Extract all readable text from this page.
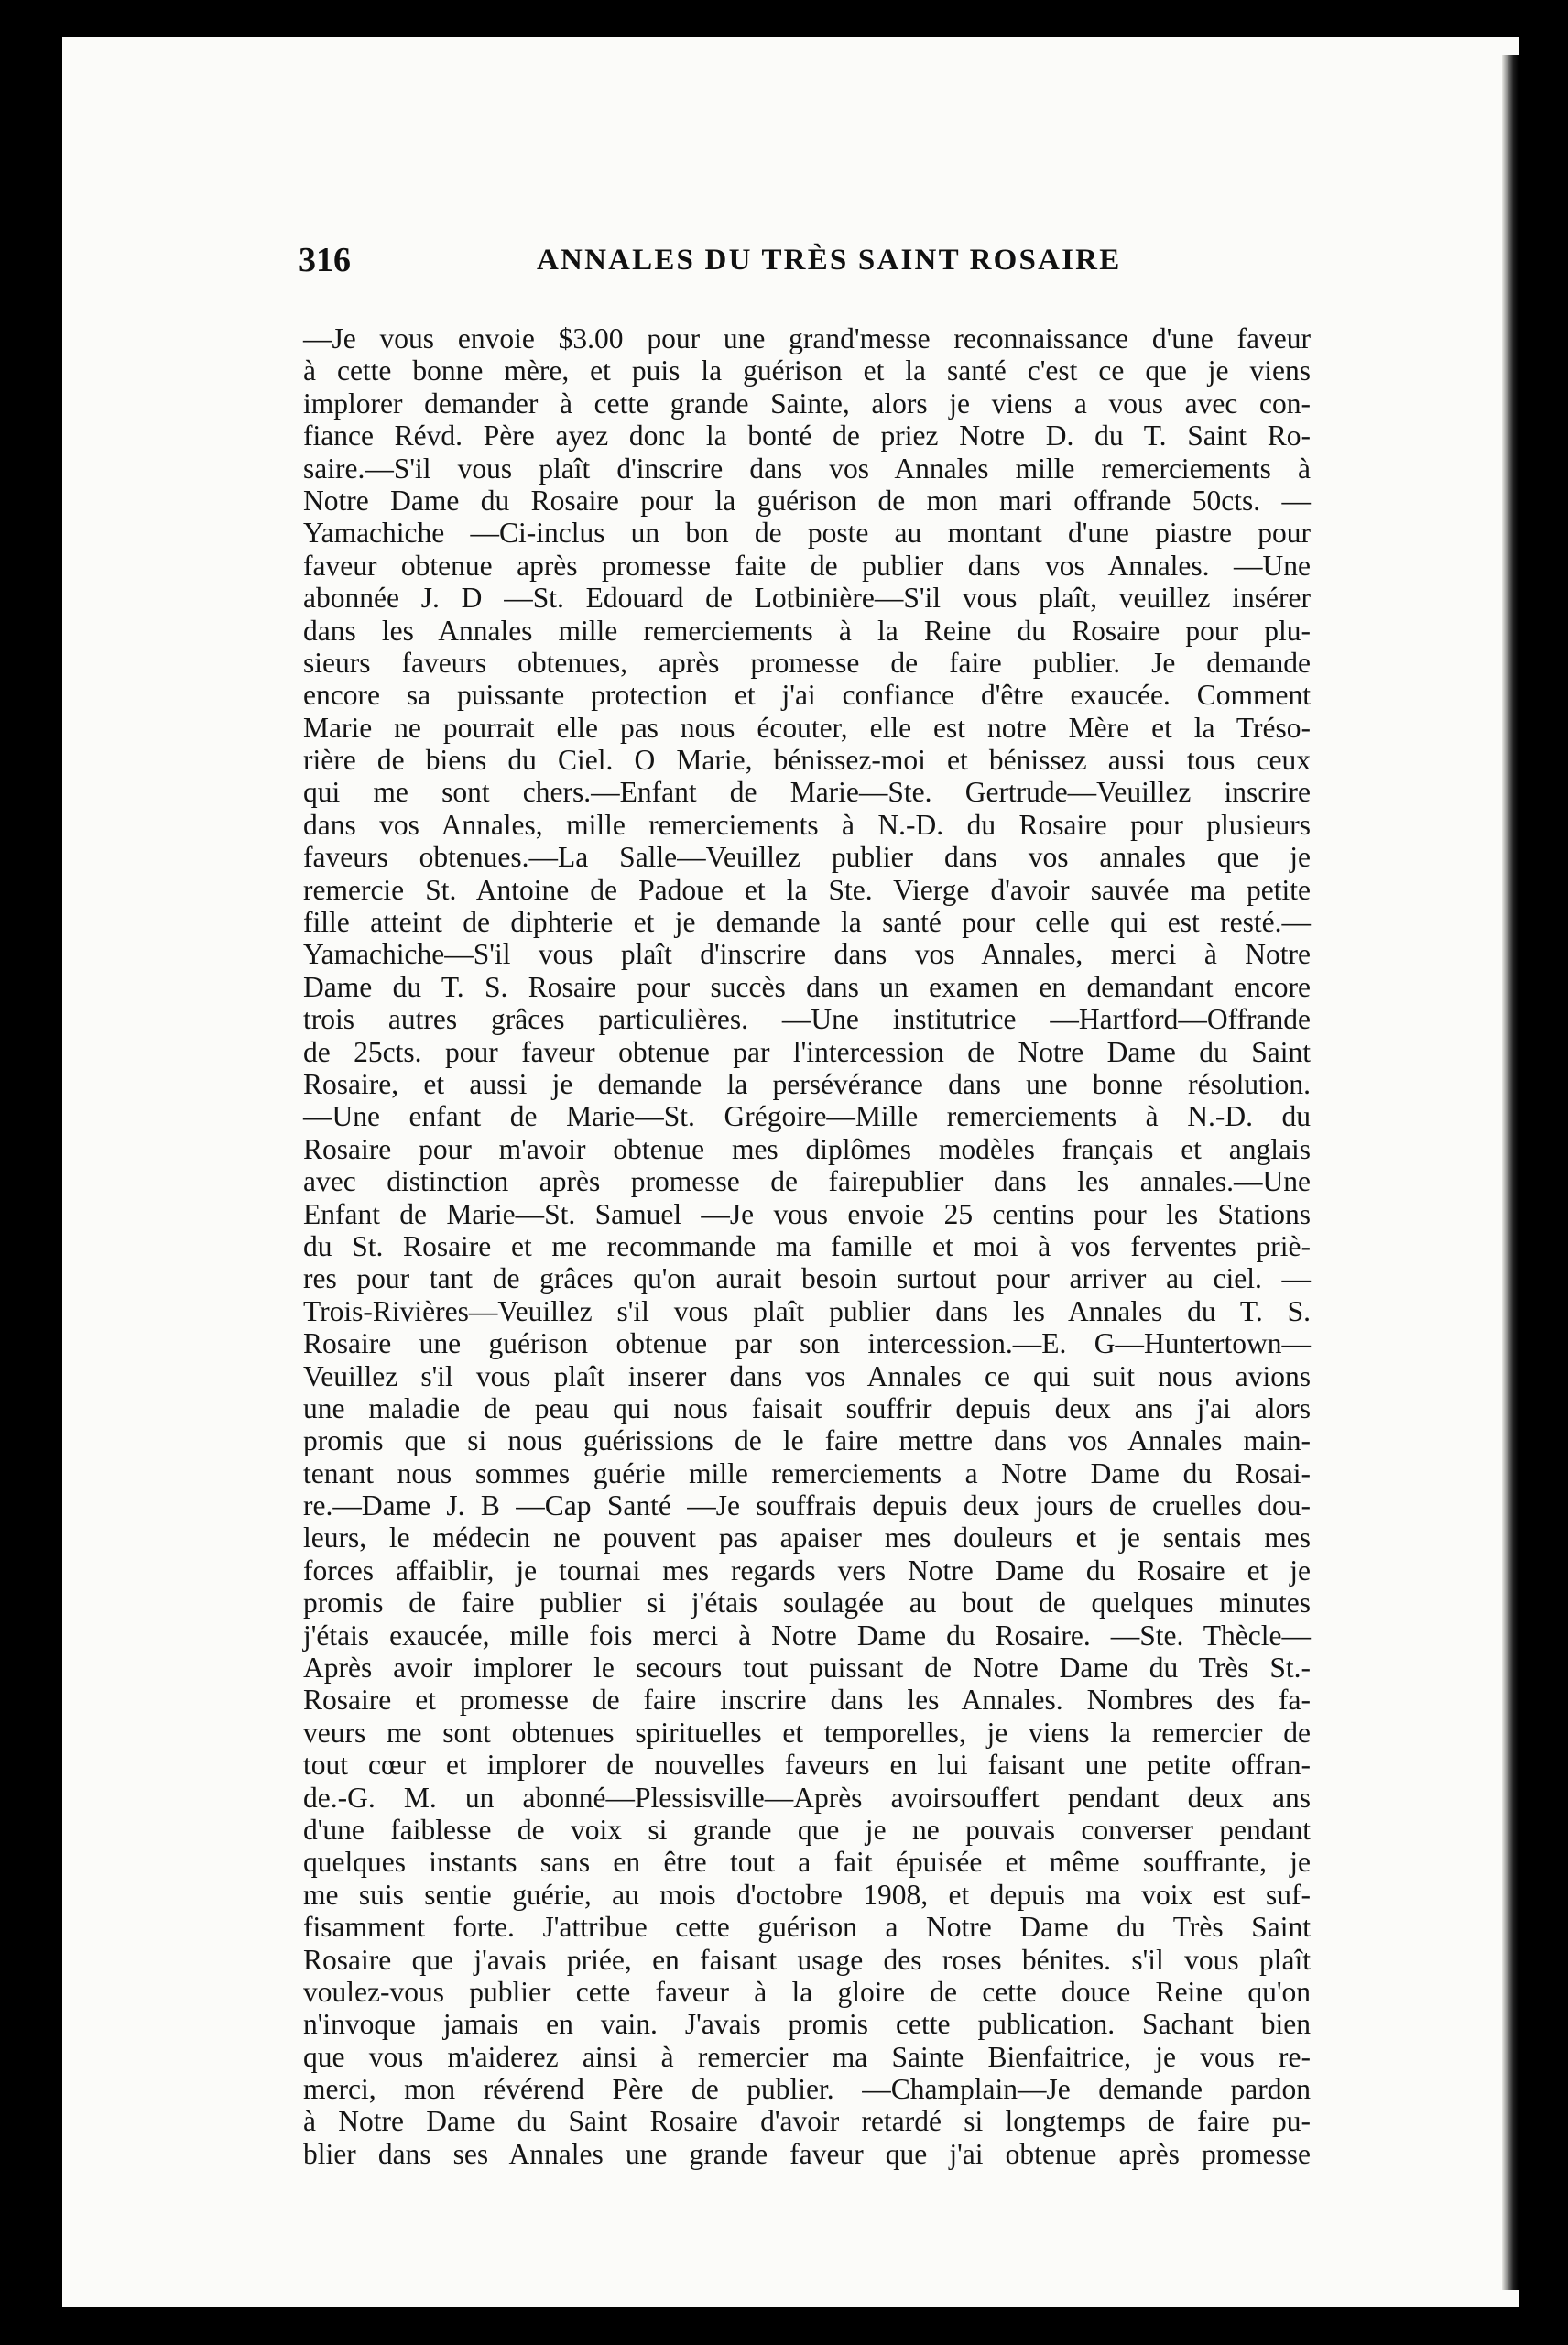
316	ANNALES DU TRÈS SAINT ROSAIRE
—Je vous envoie $3.00 pour une grand'messe reconnaissance d'une faveur
à cette bonne mère, et puis la guérison et la santé c'est ce que je viens
implorer demander à cette grande Sainte, alors je viens a vous avec con-
fiance Révd. Père ayez donc la bonté de priez Notre D. du T. Saint Ro-
saire.—S'il vous plaît d'inscrire dans vos Annales mille remerciements à
Notre Dame du Rosaire pour la guérison de mon mari offrande 50cts. —
Yamachiche —Ci-inclus un bon de poste au montant d'une piastre pour
faveur obtenue après promesse faite de publier dans vos Annales. —Une
abonnée J. D —St. Edouard de Lotbinière—S'il vous plaît, veuillez insérer
dans les Annales mille remerciements à la Reine du Rosaire pour plu-
sieurs faveurs obtenues, après promesse de faire publier. Je demande
encore sa puissante protection et j'ai confiance d'être exaucée. Comment
Marie ne pourrait elle pas nous écouter, elle est notre Mère et la Tréso-
rière de biens du Ciel. O Marie, bénissez-moi et bénissez aussi tous ceux
qui me sont chers.—Enfant de Marie—Ste. Gertrude—Veuillez inscrire
dans vos Annales, mille remerciements à N.-D. du Rosaire pour plusieurs
faveurs obtenues.—La Salle—Veuillez publier dans vos annales que je
remercie St. Antoine de Padoue et la Ste. Vierge d'avoir sauvée ma petite
fille atteint de diphterie et je demande la santé pour celle qui est resté.—
Yamachiche—S'il vous plaît d'inscrire dans vos Annales, merci à Notre
Dame du T. S. Rosaire pour succès dans un examen en demandant encore
trois autres grâces particulières. —Une institutrice —Hartford—Offrande
de 25cts. pour faveur obtenue par l'intercession de Notre Dame du Saint
Rosaire, et aussi je demande la persévérance dans une bonne résolution.
—Une enfant de Marie—St. Grégoire—Mille remerciements à N.-D. du
Rosaire pour m'avoir obtenue mes diplômes modèles français et anglais
avec distinction après promesse de fairepublier dans les annales.—Une
Enfant de Marie—St. Samuel —Je vous envoie 25 centins pour les Stations
du St. Rosaire et me recommande ma famille et moi à vos ferventes priè-
res pour tant de grâces qu'on aurait besoin surtout pour arriver au ciel. —
Trois-Rivières—Veuillez s'il vous plaît publier dans les Annales du T. S.
Rosaire une guérison obtenue par son intercession.—E. G—Huntertown—
Veuillez s'il vous plaît inserer dans vos Annales ce qui suit nous avions
une maladie de peau qui nous faisait souffrir depuis deux ans j'ai alors
promis que si nous guérissions de le faire mettre dans vos Annales main-
tenant nous sommes guérie mille remerciements a Notre Dame du Rosai-
re.—Dame J. B —Cap Santé —Je souffrais depuis deux jours de cruelles dou-
leurs, le médecin ne pouvent pas apaiser mes douleurs et je sentais mes
forces affaiblir, je tournai mes regards vers Notre Dame du Rosaire et je
promis de faire publier si j'étais soulagée au bout de quelques minutes
j'étais exaucée, mille fois merci à Notre Dame du Rosaire. —Ste. Thècle—
Après avoir implorer le secours tout puissant de Notre Dame du Très St.-
Rosaire et promesse de faire inscrire dans les Annales. Nombres des fa-
veurs me sont obtenues spirituelles et temporelles, je viens la remercier de
tout cœur et implorer de nouvelles faveurs en lui faisant une petite offran-
de.-G. M. un abonné—Plessisville—Après avoirsouffert pendant deux ans
d'une faiblesse de voix si grande que je ne pouvais converser pendant
quelques instants sans en être tout a fait épuisée et même souffrante, je
me suis sentie guérie, au mois d'octobre 1908, et depuis ma voix est suf-
fisamment forte. J'attribue cette guérison a Notre Dame du Très Saint
Rosaire que j'avais priée, en faisant usage des roses bénites. s'il vous plaît
voulez-vous publier cette faveur à la gloire de cette douce Reine qu'on
n'invoque jamais en vain. J'avais promis cette publication. Sachant bien
que vous m'aiderez ainsi à remercier ma Sainte Bienfaitrice, je vous re-
merci, mon révérend Père de publier. —Champlain—Je demande pardon
à Notre Dame du Saint Rosaire d'avoir retardé si longtemps de faire pu-
blier dans ses Annales une grande faveur que j'ai obtenue après promesse
